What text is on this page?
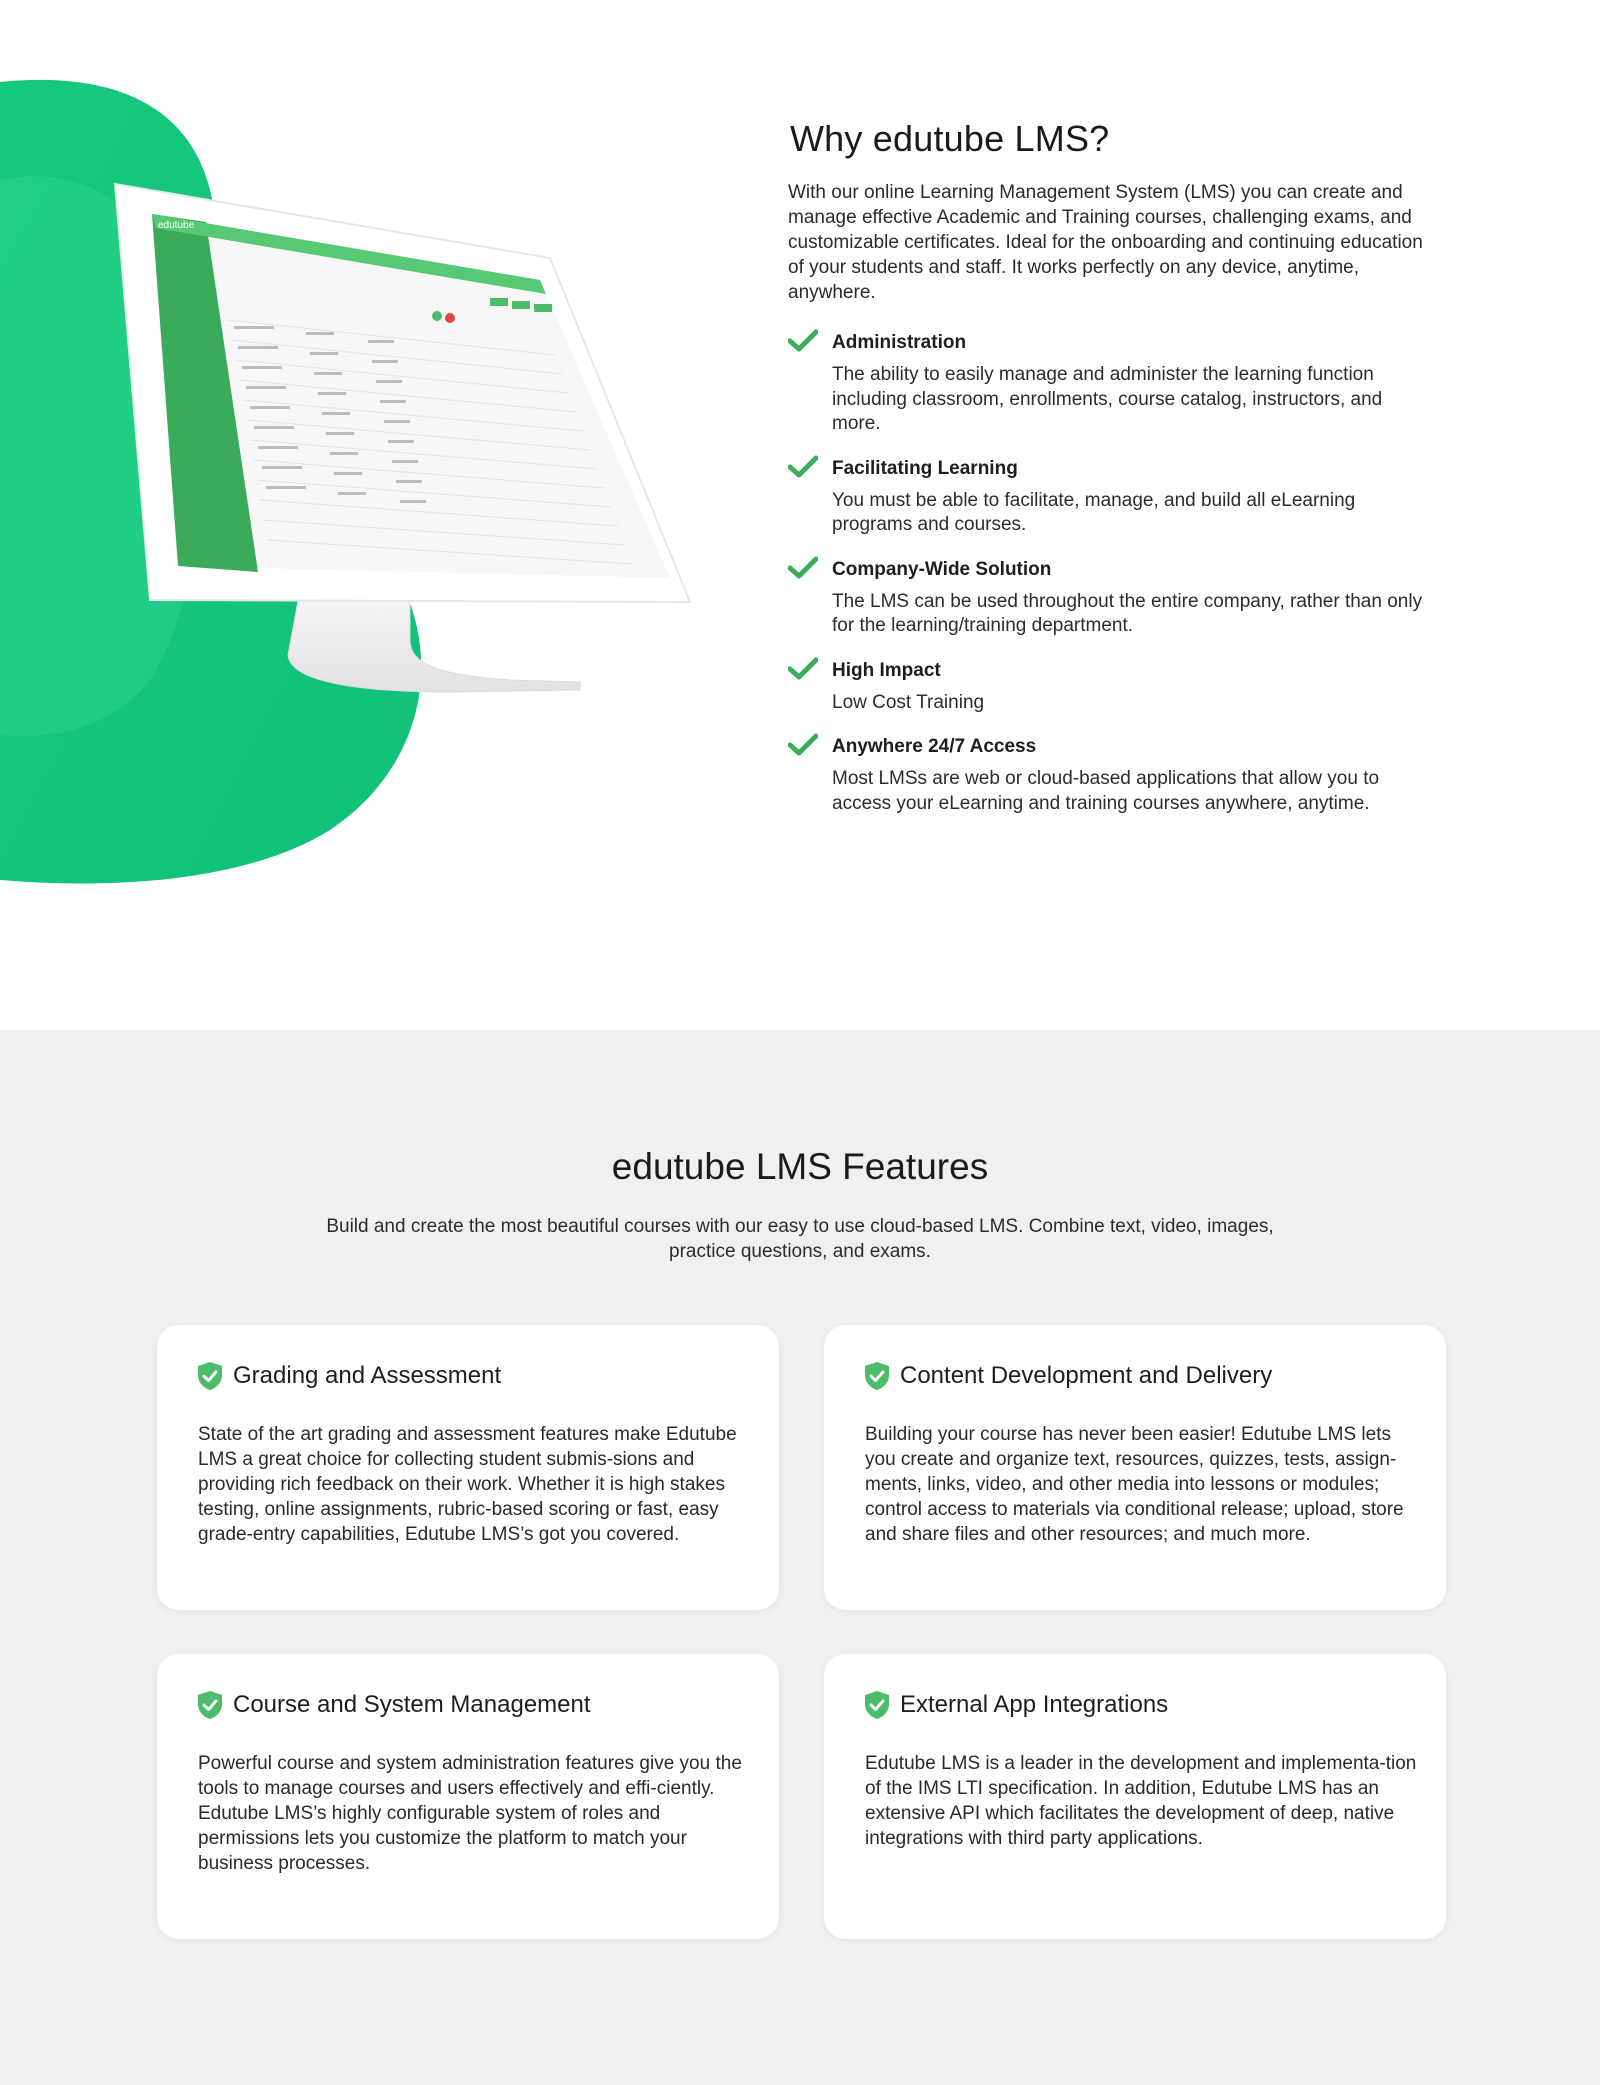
edutube
Why edutube LMS?

With our online Learning Management System (LMS) you can create and manage effective Academic and Training courses, challenging exams, and customizable certificates. Ideal for the onboarding and continuing education of your students and staff. It works perfectly on any device, anytime, anywhere.

Administration
The ability to easily manage and administer the learning function including classroom, enrollments, course catalog, instructors, and more.
Facilitating Learning
You must be able to facilitate, manage, and build all eLearning programs and courses.
Company-Wide Solution
The LMS can be used throughout the entire company, rather than only for the learning/training department.
High Impact
Low Cost Training
Anywhere 24/7 Access
Most LMSs are web or cloud-based applications that allow you to access your eLearning and training courses anywhere, anytime.
edutube LMS Features
Build and create the most beautiful courses with our easy to use cloud-based LMS. Combine text, video, images, practice questions, and exams.
Grading and Assessment
State of the art grading and assessment features make Edutube LMS a great choice for collecting student submis-sions and providing rich feedback on their work. Whether it is high stakes testing, online assignments, rubric-based scoring or fast, easy grade-entry capabilities, Edutube LMS’s got you covered.
Content Development and Delivery
Building your course has never been easier! Edutube LMS lets you create and organize text, resources, quizzes, tests, assign-ments, links, video, and other media into lessons or modules; control access to materials via conditional release; upload, store and share files and other resources; and much more.
Course and System Management
Powerful course and system administration features give you the tools to manage courses and users effectively and effi-ciently. Edutube LMS’s highly configurable system of roles and permissions lets you customize the platform to match your business processes.
External App Integrations
Edutube LMS is a leader in the development and implementa-tion of the IMS LTI specification. In addition, Edutube LMS has an extensive API which facilitates the development of deep, native integrations with third party applications.
